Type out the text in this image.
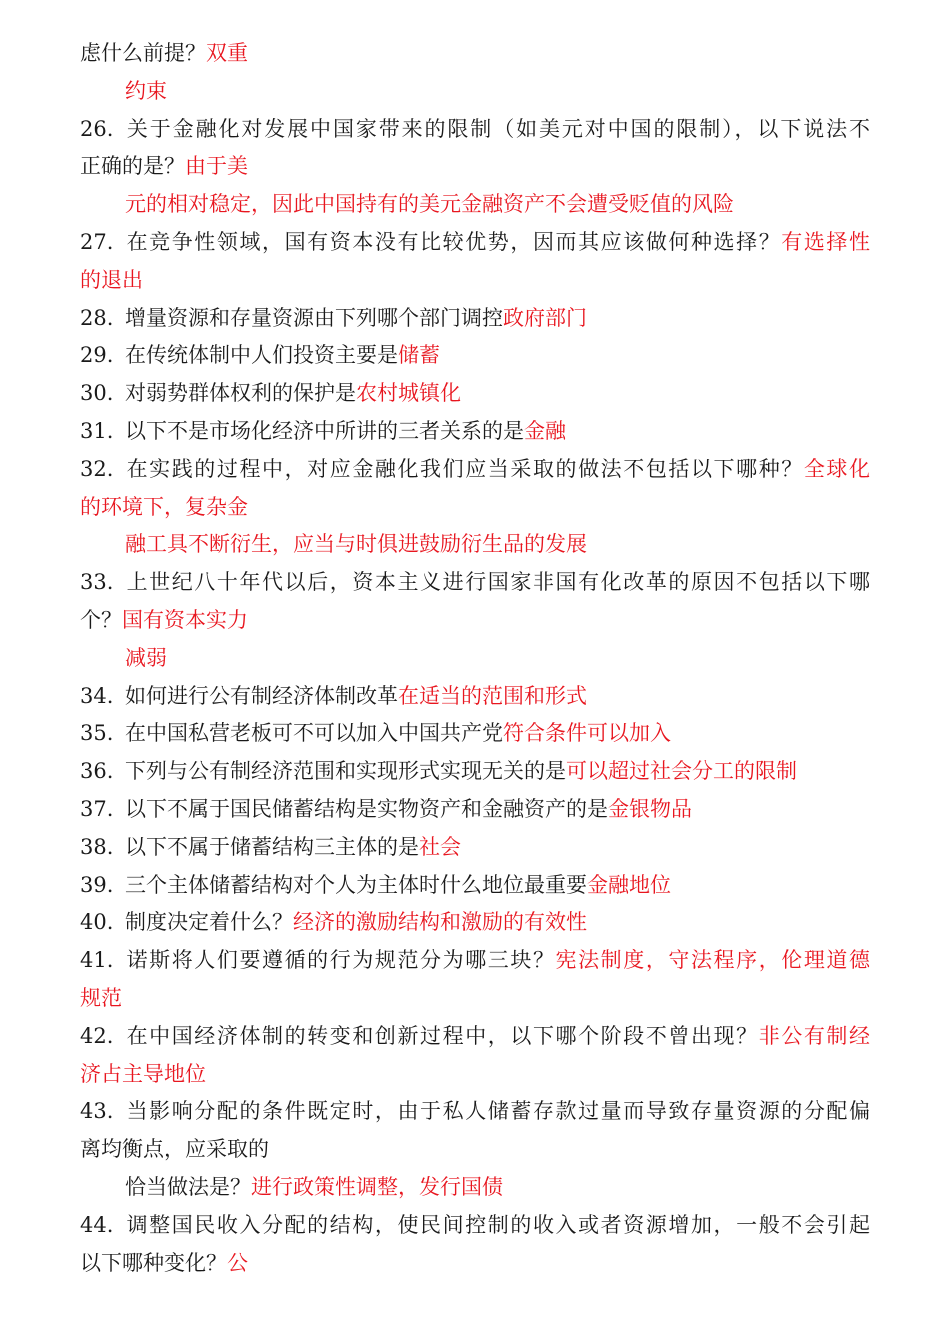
虑什么前提？双重
约束
26. 关于金融化对发展中国家带来的限制（如美元对中国的限制），以下说法不
正确的是？由于美
元的相对稳定，因此中国持有的美元金融资产不会遭受贬值的风险
27. 在竞争性领域，国有资本没有比较优势，因而其应该做何种选择？有选择性
的退出
28. 增量资源和存量资源由下列哪个部门调控政府部门
29. 在传统体制中人们投资主要是储蓄
30. 对弱势群体权利的保护是农村城镇化
31. 以下不是市场化经济中所讲的三者关系的是金融
32. 在实践的过程中，对应金融化我们应当采取的做法不包括以下哪种？全球化
的环境下，复杂金
融工具不断衍生，应当与时俱进鼓励衍生品的发展
33. 上世纪八十年代以后，资本主义进行国家非国有化改革的原因不包括以下哪
个？国有资本实力
减弱
34. 如何进行公有制经济体制改革在适当的范围和形式
35. 在中国私营老板可不可以加入中国共产党符合条件可以加入
36. 下列与公有制经济范围和实现形式实现无关的是可以超过社会分工的限制
37. 以下不属于国民储蓄结构是实物资产和金融资产的是金银物品
38. 以下不属于储蓄结构三主体的是社会
39. 三个主体储蓄结构对个人为主体时什么地位最重要金融地位
40. 制度决定着什么？经济的激励结构和激励的有效性
41. 诺斯将人们要遵循的行为规范分为哪三块？宪法制度，守法程序，伦理道德
规范
42. 在中国经济体制的转变和创新过程中，以下哪个阶段不曾出现？非公有制经
济占主导地位
43. 当影响分配的条件既定时，由于私人储蓄存款过量而导致存量资源的分配偏
离均衡点，应采取的
恰当做法是？进行政策性调整，发行国债
44. 调整国民收入分配的结构，使民间控制的收入或者资源增加，一般不会引起
以下哪种变化？公
